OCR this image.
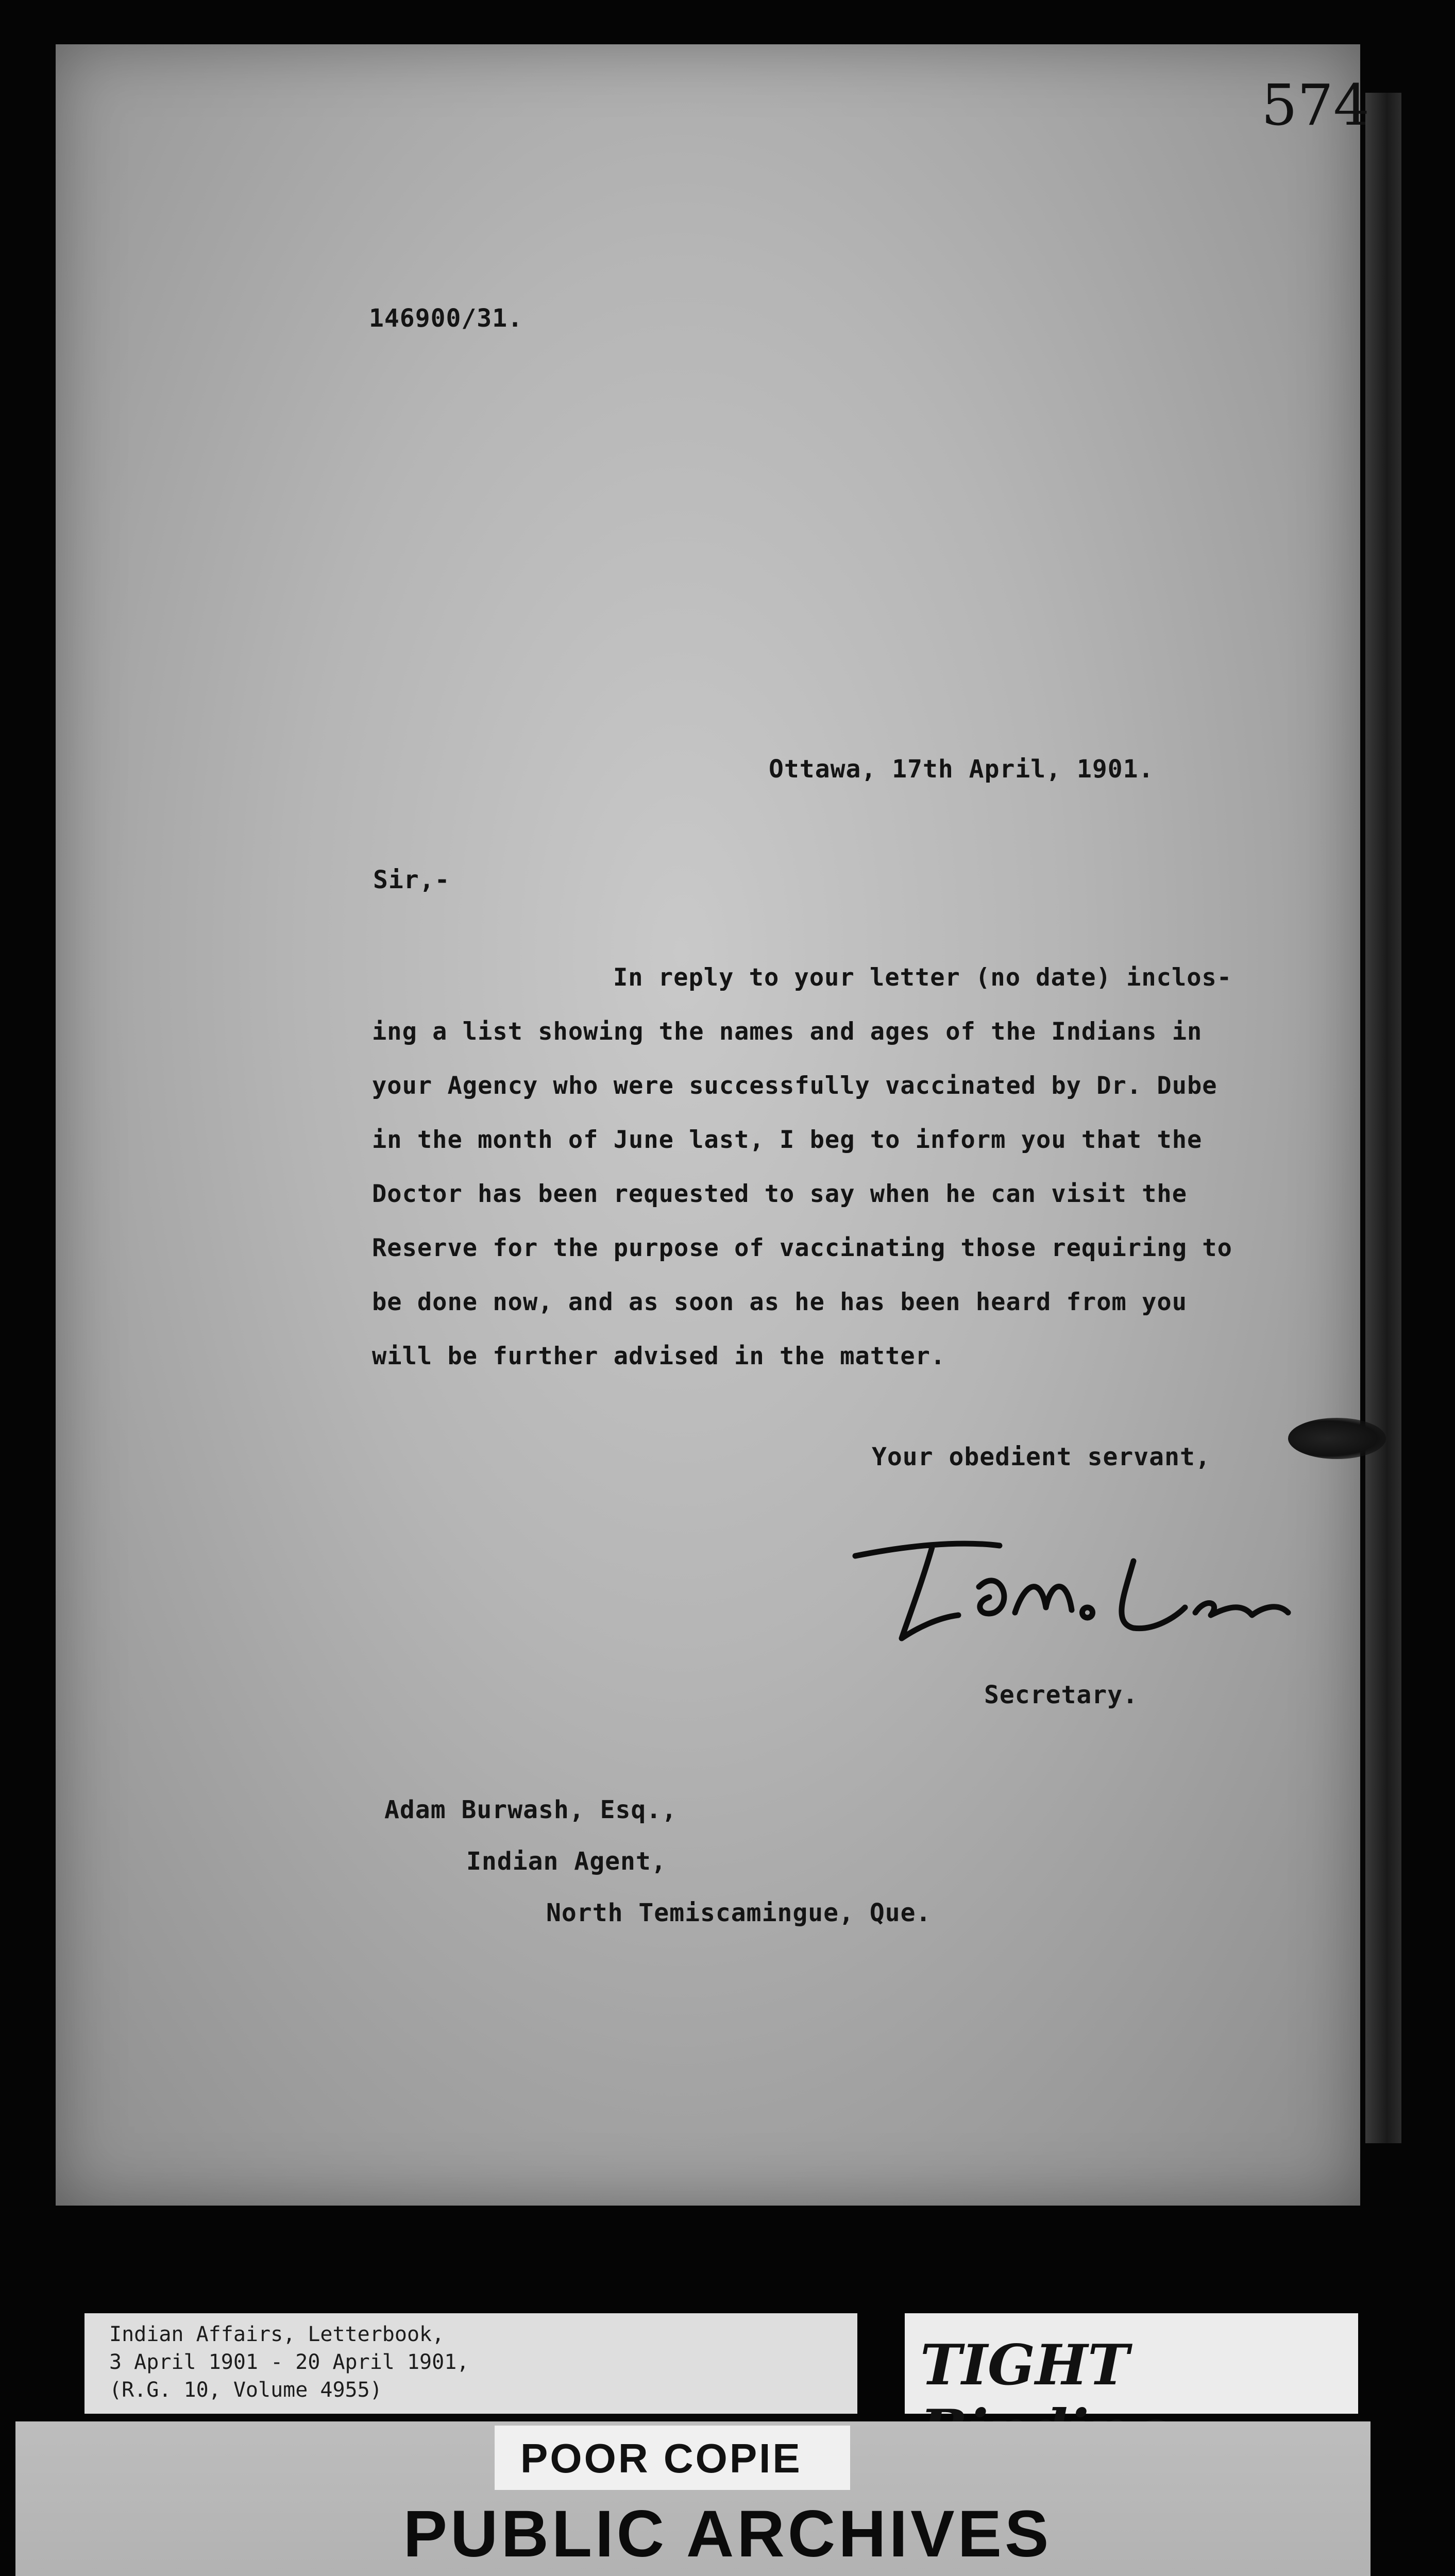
574
146900/31.
Ottawa, 17th April, 1901.
Sir,-
In reply to your letter (no date) inclos-
ing a list showing the names and ages of the Indians in
your Agency who were successfully vaccinated by Dr. Dube
in the month of June last, I beg to inform you that the
Doctor has been requested to say when he can visit the
Reserve for the purpose of vaccinating those requiring to
be done now, and as soon as he has been heard from you
will be further advised in the matter.
Your obedient servant,
Secretary.
Adam Burwash, Esq.,
Indian Agent,
North Temiscamingue, Que.
Indian Affairs, Letterbook,
3 April 1901 - 20 April 1901,
(R.G. 10, Volume 4955)	TIGHT
POOR COPIE
PUBLIC ARCHIVES
